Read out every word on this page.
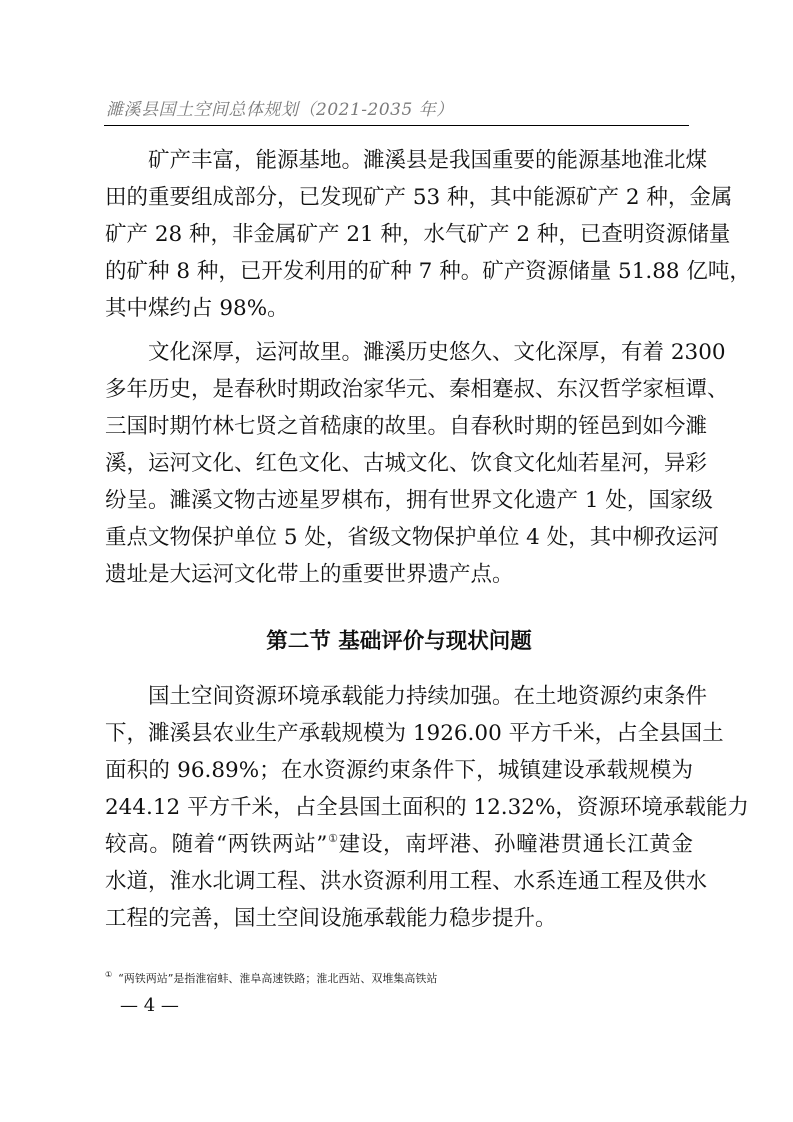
濉溪县国土空间总体规划（2021-2035 年）
矿产丰富，能源基地。濉溪县是我国重要的能源基地淮北煤
田的重要组成部分，已发现矿产 53 种，其中能源矿产 2 种，金属
矿产 28 种，非金属矿产 21 种，水气矿产 2 种，已查明资源储量
的矿种 8 种，已开发利用的矿种 7 种。矿产资源储量 51.88 亿吨，
其中煤约占 98%。
文化深厚，运河故里。濉溪历史悠久、文化深厚，有着 2300
多年历史，是春秋时期政治家华元、秦相蹇叔、东汉哲学家桓谭、
三国时期竹林七贤之首嵇康的故里。自春秋时期的铚邑到如今濉
溪，运河文化、红色文化、古城文化、饮食文化灿若星河，异彩
纷呈。濉溪文物古迹星罗棋布，拥有世界文化遗产 1 处，国家级
重点文物保护单位 5 处，省级文物保护单位 4 处，其中柳孜运河
遗址是大运河文化带上的重要世界遗产点。
第二节 基础评价与现状问题
国土空间资源环境承载能力持续加强。在土地资源约束条件
下，濉溪县农业生产承载规模为 1926.00 平方千米，占全县国土
面积的 96.89%；在水资源约束条件下，城镇建设承载规模为
244.12 平方千米，占全县国土面积的 12.32%，资源环境承载能力
较高。随着“两铁两站”①建设，南坪港、孙疃港贯通长江黄金
水道，淮水北调工程、洪水资源利用工程、水系连通工程及供水
工程的完善，国土空间设施承载能力稳步提升。
① “两铁两站”是指淮宿蚌、淮阜高速铁路；淮北西站、双堆集高铁站
— 4 —
